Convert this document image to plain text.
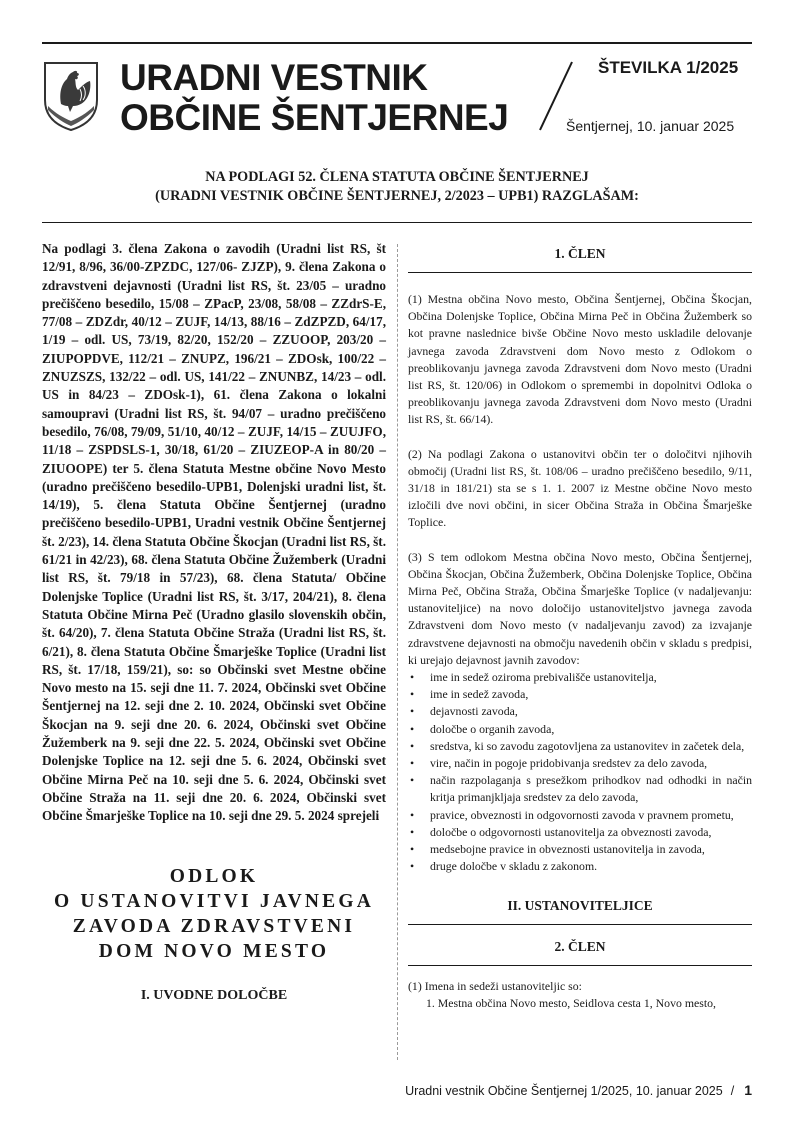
URADNI VESTNIK
OBČINE ŠENTJERNEJ
ŠTEVILKA 1/2025
Šentjernej, 10. januar 2025
NA PODLAGI 52. ČLENA STATUTA OBČINE ŠENTJERNEJ
(URADNI VESTNIK OBČINE ŠENTJERNEJ, 2/2023 – UPB1) RAZGLAŠAM:

Na podlagi 3. člena Zakona o zavodih (Uradni list RS, št 12/91, 8/96, 36/00-ZPZDC, 127/06- ZJZP), 9. člena Zakona o zdravstveni dejavnosti (Uradni list RS, št. 23/05 – uradno prečiščeno besedilo, 15/08 – ZPacP, 23/08, 58/08 – ZZdrS-E, 77/08 – ZDZdr, 40/12 – ZUJF, 14/13, 88/16 – ZdZPZD, 64/17, 1/19 – odl. US, 73/19, 82/20, 152/20 – ZZUOOP, 203/20 – ZIUPOPDVE, 112/21 – ZNUPZ, 196/21 – ZDOsk, 100/22 – ZNUZSZS, 132/22 – odl. US, 141/22 – ZNUNBZ, 14/23 – odl. US in 84/23 – ZDOsk-1), 61. člena Zakona o lokalni samoupravi (Uradni list RS, št. 94/07 – uradno prečiščeno besedilo, 76/08, 79/09, 51/10, 40/12 – ZUJF, 14/15 – ZUUJFO, 11/18 – ZSPDSLS-1, 30/18, 61/20 – ZIUZEOP-A in 80/20 – ZIUOOPE) ter 5. člena Statuta Mestne občine Novo Mesto (uradno prečiščeno besedilo-UPB1, Dolenjski uradni list, št. 14/19), 5. člena Statuta Občine Šentjernej (uradno prečiščeno besedilo-UPB1, Uradni vestnik Občine Šentjernej št. 2/23), 14. člena Statuta Občine Škocjan (Uradni list RS, št. 61/21 in 42/23), 68. člena Statuta Občine Žužemberk (Uradni list RS, št. 79/18 in 57/23), 68. člena Statuta/ Občine Dolenjske Toplice (Uradni list RS, št. 3/17, 204/21), 8. člena Statuta Občine Mirna Peč (Uradno glasilo slovenskih občin, št. 64/20), 7. člena Statuta Občine Straža (Uradni list RS, št. 6/21), 8. člena Statuta Občine Šmarješke Toplice (Uradni list RS, št. 17/18, 159/21), so: so Občinski svet Mestne občine Novo mesto na 15. seji dne 11. 7. 2024, Občinski svet Občine Šentjernej na 12. seji dne 2. 10. 2024, Občinski svet Občine Škocjan na 9. seji dne 20. 6. 2024, Občinski svet Občine Žužemberk na 9. seji dne 22. 5. 2024, Občinski svet Občine Dolenjske Toplice na 12. seji dne 5. 6. 2024, Občinski svet Občine Mirna Peč na 10. seji dne 5. 6. 2024, Občinski svet Občine Straža na 11. seji dne 20. 6. 2024, Občinski svet Občine Šmarješke Toplice na 10. seji dne 29. 5. 2024 sprejeli

ODLOK
O USTANOVITVI JAVNEGA
ZAVODA ZDRAVSTVENI
DOM NOVO MESTO
I. UVODNE DOLOČBE
1. ČLEN

(1) Mestna občina Novo mesto, Občina Šentjernej, Občina Škocjan, Občina Dolenjske Toplice, Občina Mirna Peč in Občina Žužemberk so kot pravne naslednice bivše Občine Novo mesto uskladile delovanje javnega zavoda Zdravstveni dom Novo mesto z Odlokom o preoblikovanju javnega zavoda Zdravstveni dom Novo mesto (Uradni list RS, št. 120/06) in Odlokom o spremembi in dopolnitvi Odloka o preoblikovanju javnega zavoda Zdravstveni dom Novo mesto (Uradni list RS, št. 66/14).

(2) Na podlagi Zakona o ustanovitvi občin ter o določitvi njihovih območij (Uradni list RS, št. 108/06 – uradno prečiščeno besedilo, 9/11, 31/18 in 181/21) sta se s 1. 1. 2007 iz Mestne občine Novo mesto izločili dve novi občini, in sicer Občina Straža in Občina Šmarješke Toplice.

(3) S tem odlokom Mestna občina Novo mesto, Občina Šentjernej, Občina Škocjan, Občina Žužemberk, Občina Dolenjske Toplice, Občina Mirna Peč, Občina Straža, Občina Šmarješke Toplice (v nadaljevanju: ustanoviteljice) na novo določijo ustanoviteljstvo javnega zavoda Zdravstveni dom Novo mesto (v nadaljevanju zavod) za izvajanje zdravstvene dejavnosti na območju navedenih občin v skladu s predpisi, ki urejajo dejavnost javnih zavodov:

• ime in sedež oziroma prebivališče ustanovitelja,
• ime in sedež zavoda,
• dejavnosti zavoda,
• določbe o organih zavoda,
• sredstva, ki so zavodu zagotovljena za ustanovitev in začetek dela,
• vire, način in pogoje pridobivanja sredstev za delo zavoda,
• način razpolaganja s presežkom prihodkov nad odhodki in način kritja primanjkljaja sredstev za delo zavoda,
• pravice, obveznosti in odgovornosti zavoda v pravnem prometu,
• določbe o odgovornosti ustanovitelja za obveznosti zavoda,
• medsebojne pravice in obveznosti ustanovitelja in zavoda,
• druge določbe v skladu z zakonom.
II. USTANOVITELJICE
2. ČLEN

(1) Imena in sedeži ustanoviteljic so:

1. Mestna občina Novo mesto, Seidlova cesta 1, Novo mesto,
Uradni vestnik Občine Šentjernej 1/2025, 10. januar 2025 / 1
